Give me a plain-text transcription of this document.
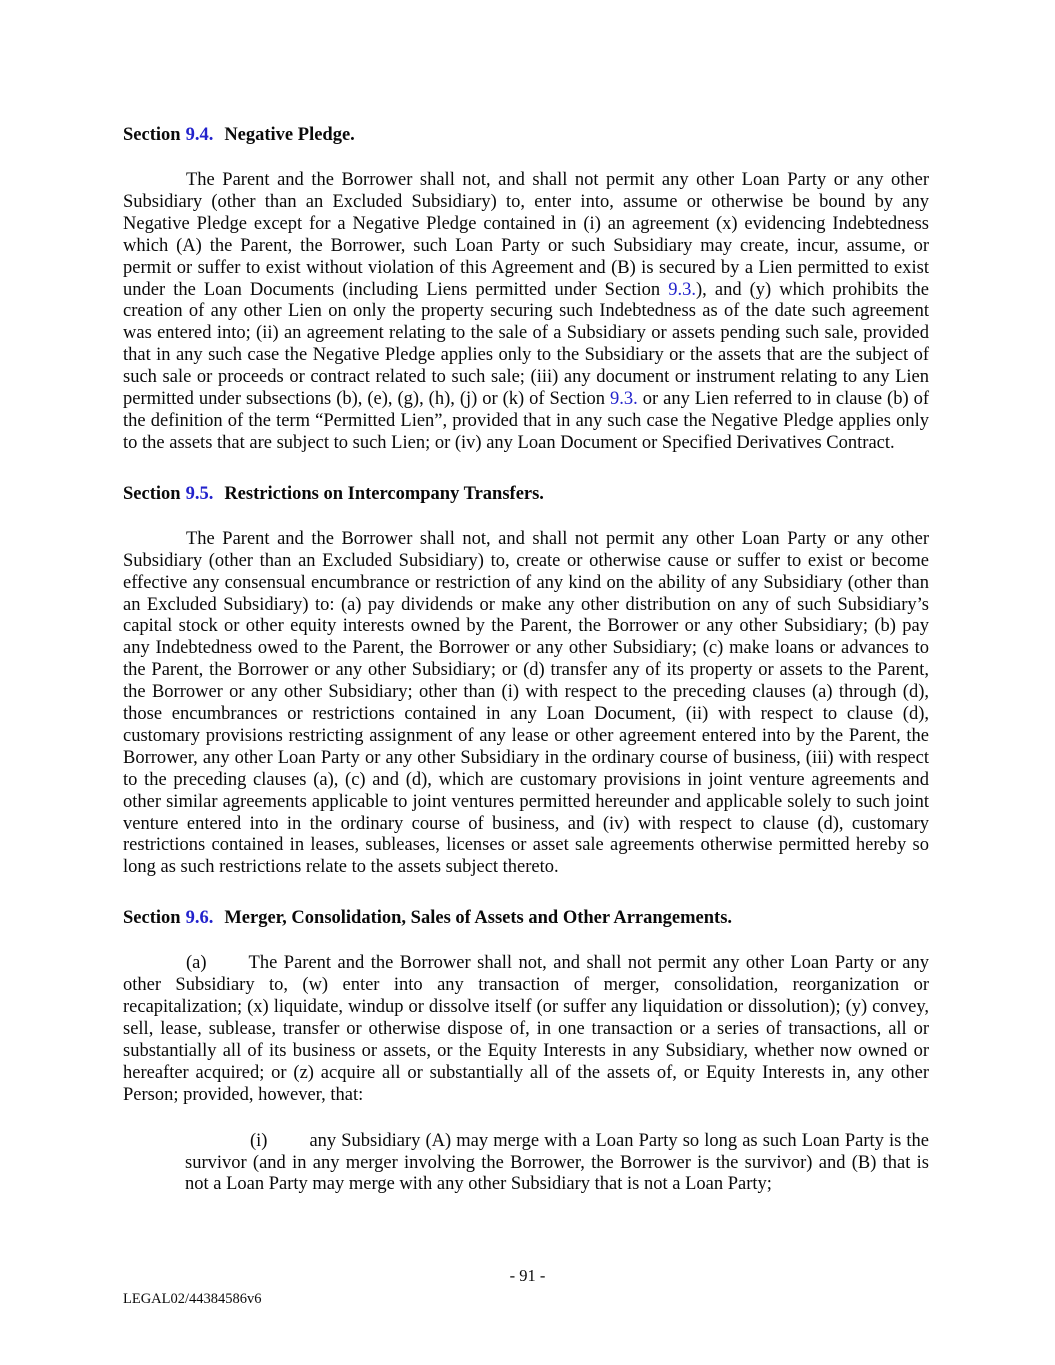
Section 9.4. Negative Pledge.

The Parent and the Borrower shall not, and shall not permit any other Loan Party or any other Subsidiary (other than an Excluded Subsidiary) to, enter into, assume or otherwise be bound by any Negative Pledge except for a Negative Pledge contained in (i) an agreement (x) evidencing Indebtedness which (A) the Parent, the Borrower, such Loan Party or such Subsidiary may create, incur, assume, or permit or suffer to exist without violation of this Agreement and (B) is secured by a Lien permitted to exist under the Loan Documents (including Liens permitted under Section 9.3.), and (y) which prohibits the creation of any other Lien on only the property securing such Indebtedness as of the date such agreement was entered into; (ii) an agreement relating to the sale of a Subsidiary or assets pending such sale, provided that in any such case the Negative Pledge applies only to the Subsidiary or the assets that are the subject of such sale or proceeds or contract related to such sale; (iii) any document or instrument relating to any Lien permitted under subsections (b), (e), (g), (h), (j) or (k) of Section 9.3. or any Lien referred to in clause (b) of the definition of the term “Permitted Lien”, provided that in any such case the Negative Pledge applies only to the assets that are subject to such Lien; or (iv) any Loan Document or Specified Derivatives Contract.

Section 9.5. Restrictions on Intercompany Transfers.

The Parent and the Borrower shall not, and shall not permit any other Loan Party or any other Subsidiary (other than an Excluded Subsidiary) to, create or otherwise cause or suffer to exist or become effective any consensual encumbrance or restriction of any kind on the ability of any Subsidiary (other than an Excluded Subsidiary) to: (a) pay dividends or make any other distribution on any of such Subsidiary’s capital stock or other equity interests owned by the Parent, the Borrower or any other Subsidiary; (b) pay any Indebtedness owed to the Parent, the Borrower or any other Subsidiary; (c) make loans or advances to the Parent, the Borrower or any other Subsidiary; or (d) transfer any of its property or assets to the Parent, the Borrower or any other Subsidiary; other than (i) with respect to the preceding clauses (a) through (d), those encumbrances or restrictions contained in any Loan Document, (ii) with respect to clause (d), customary provisions restricting assignment of any lease or other agreement entered into by the Parent, the Borrower, any other Loan Party or any other Subsidiary in the ordinary course of business, (iii) with respect to the preceding clauses (a), (c) and (d), which are customary provisions in joint venture agreements and other similar agreements applicable to joint ventures permitted hereunder and applicable solely to such joint venture entered into in the ordinary course of business, and (iv) with respect to clause (d), customary restrictions contained in leases, subleases, licenses or asset sale agreements otherwise permitted hereby so long as such restrictions relate to the assets subject thereto.

Section 9.6. Merger, Consolidation, Sales of Assets and Other Arrangements.

(a) The Parent and the Borrower shall not, and shall not permit any other Loan Party or any other Subsidiary to, (w) enter into any transaction of merger, consolidation, reorganization or recapitalization; (x) liquidate, windup or dissolve itself (or suffer any liquidation or dissolution); (y) convey, sell, lease, sublease, transfer or otherwise dispose of, in one transaction or a series of transactions, all or substantially all of its business or assets, or the Equity Interests in any Subsidiary, whether now owned or hereafter acquired; or (z) acquire all or substantially all of the assets of, or Equity Interests in, any other Person; provided, however, that:

(i) any Subsidiary (A) may merge with a Loan Party so long as such Loan Party is the survivor (and in any merger involving the Borrower, the Borrower is the survivor) and (B) that is not a Loan Party may merge with any other Subsidiary that is not a Loan Party;

- 91 -
LEGAL02/44384586v6
